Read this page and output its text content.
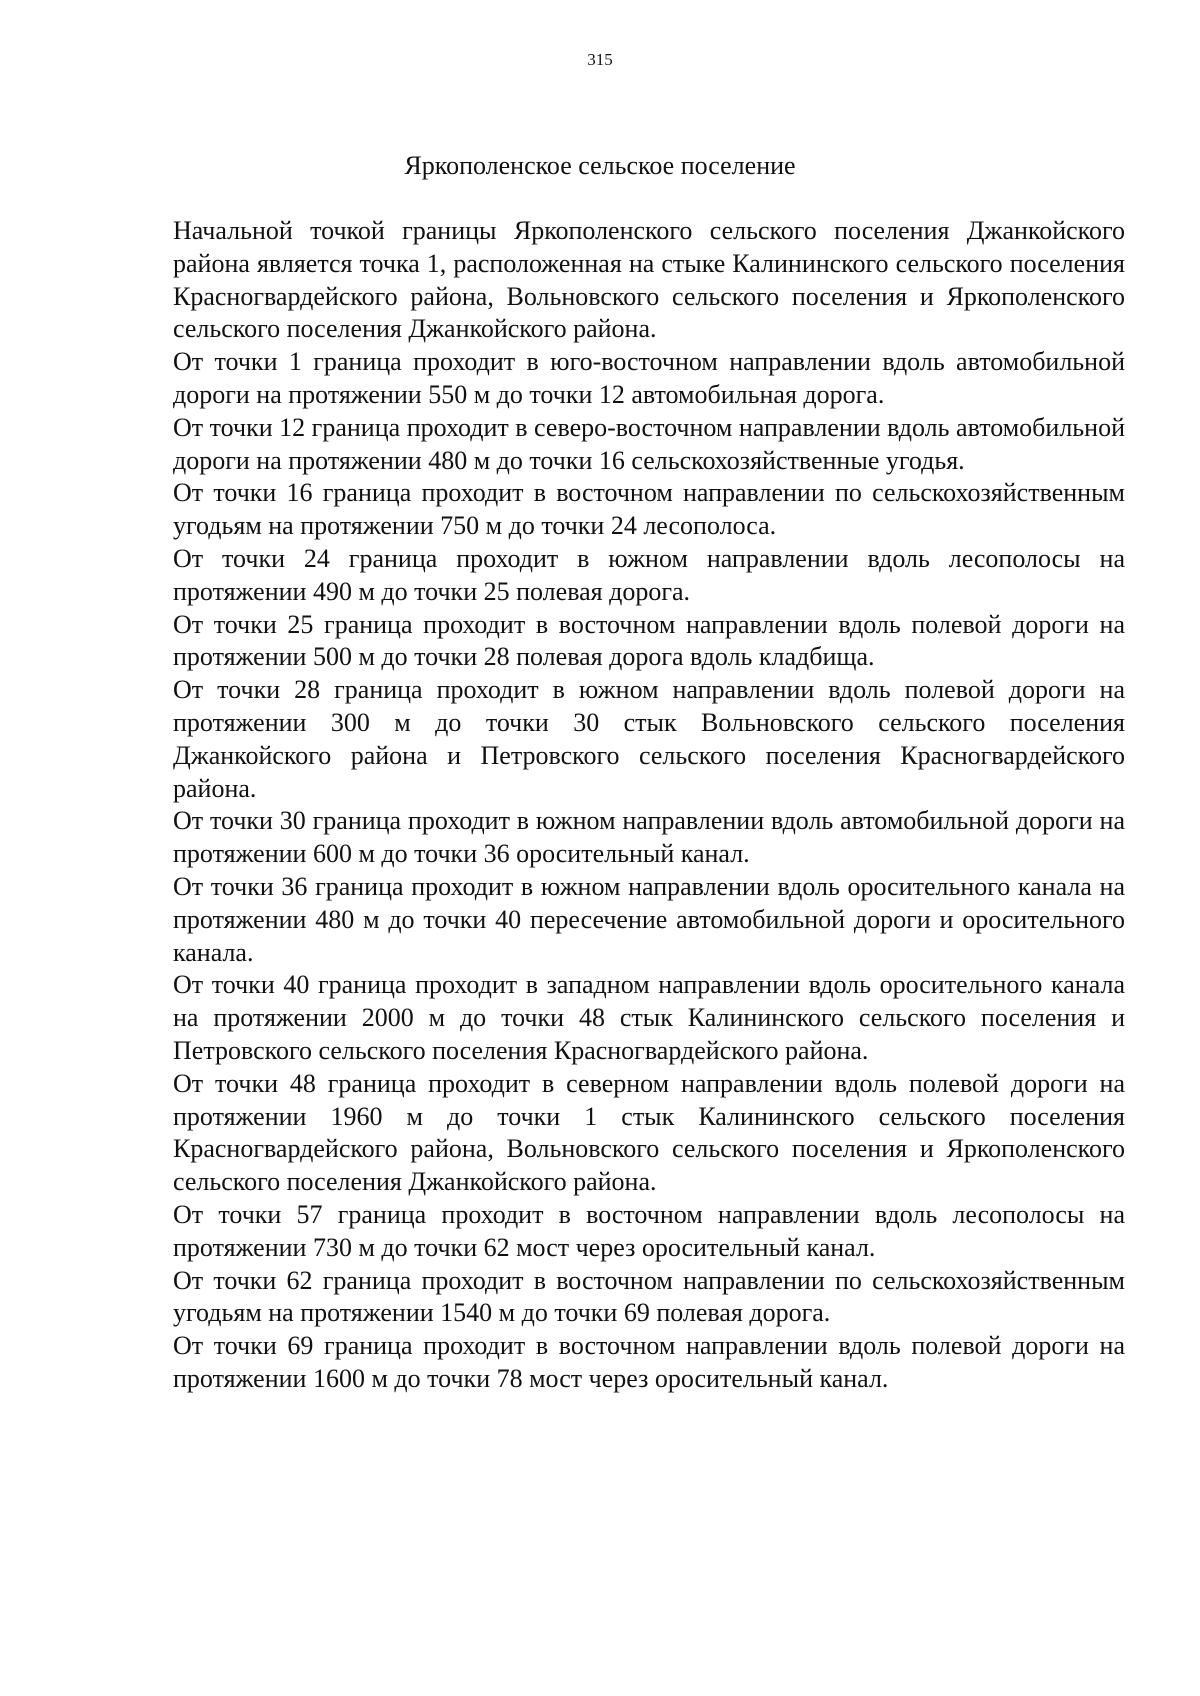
315
Яркополенское сельское поселение

Начальной точкой границы Яркополенского сельского поселения Джанкойского района является точка 1, расположенная на стыке Калининского сельского поселения Красногвардейского района, Вольновского сельского поселения и Яркополенского сельского поселения Джанкойского района.

От точки 1 граница проходит в юго-восточном направлении вдоль автомобильной дороги на протяжении 550 м до точки 12 автомобильная дорога.

От точки 12 граница проходит в северо-восточном направлении вдоль автомобильной дороги на протяжении 480 м до точки 16 сельскохозяйственные угодья.

От точки 16 граница проходит в восточном направлении по сельскохозяйственным угодьям на протяжении 750 м до точки 24 лесополоса.

От точки 24 граница проходит в южном направлении вдоль лесополосы на протяжении 490 м до точки 25 полевая дорога.

От точки 25 граница проходит в восточном направлении вдоль полевой дороги на протяжении 500 м до точки 28 полевая дорога вдоль кладбища.

От точки 28 граница проходит в южном направлении вдоль полевой дороги на протяжении 300 м до точки 30 стык Вольновского сельского поселения Джанкойского района и Петровского сельского поселения Красногвардейского района.

От точки 30 граница проходит в южном направлении вдоль автомобильной дороги на протяжении 600 м до точки 36 оросительный канал.

От точки 36 граница проходит в южном направлении вдоль оросительного канала на протяжении 480 м до точки 40 пересечение автомобильной дороги и оросительного канала.

От точки 40 граница проходит в западном направлении вдоль оросительного канала на протяжении 2000 м до точки 48 стык Калининского сельского поселения и Петровского сельского поселения Красногвардейского района.

От точки 48 граница проходит в северном направлении вдоль полевой дороги на протяжении 1960 м до точки 1 стык Калининского сельского поселения Красногвардейского района, Вольновского сельского поселения и Яркополенского сельского поселения Джанкойского района.

От точки 57 граница проходит в восточном направлении вдоль лесополосы на протяжении 730 м до точки 62 мост через оросительный канал.

От точки 62 граница проходит в восточном направлении по сельскохозяйственным угодьям на протяжении 1540 м до точки 69 полевая дорога.

От точки 69 граница проходит в восточном направлении вдоль полевой дороги на протяжении 1600 м до точки 78 мост через оросительный канал.
